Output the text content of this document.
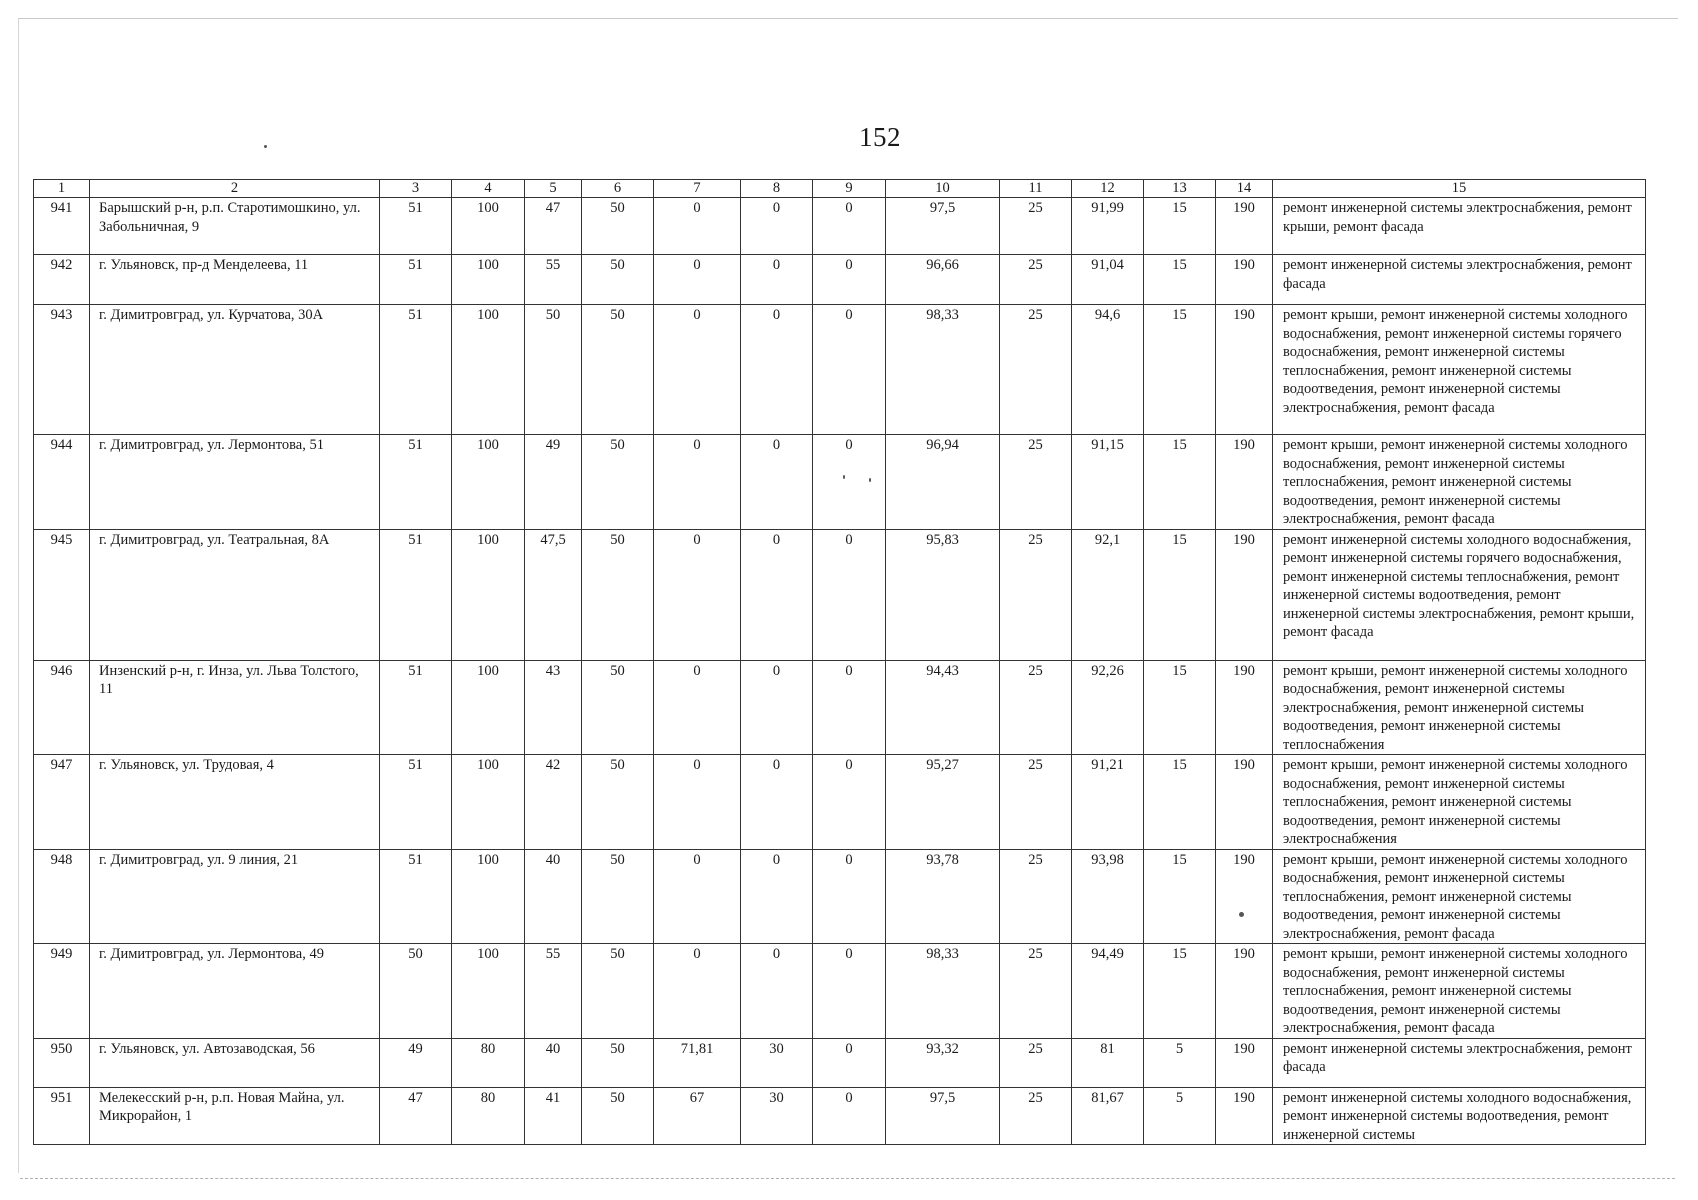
152
1	2	3	4	5	6	7	8	9	10	11	12	13	14	15
941	Барышский р-н, р.п. Старотимошкино, ул. Забольничная, 9	51	100	47	50	0	0	0	97,5	25	91,99	15	190	ремонт инженерной системы электроснабжения, ремонт крыши, ремонт фасада
942	г. Ульяновск, пр-д Менделеева, 11	51	100	55	50	0	0	0	96,66	25	91,04	15	190	ремонт инженерной системы электроснабжения, ремонт фасада
943	г. Димитровград, ул. Курчатова, 30А	51	100	50	50	0	0	0	98,33	25	94,6	15	190	ремонт крыши, ремонт инженерной системы холодного водоснабжения, ремонт инженерной системы горячего водоснабжения, ремонт инженерной системы теплоснабжения, ремонт инженерной системы водоотведения, ремонт инженерной системы электроснабжения, ремонт фасада
944	г. Димитровград, ул. Лермонтова, 51	51	100	49	50	0	0	0	96,94	25	91,15	15	190	ремонт крыши, ремонт инженерной системы холодного водоснабжения, ремонт инженерной системы теплоснабжения, ремонт инженерной системы водоотведения, ремонт инженерной системы электроснабжения, ремонт фасада
945	г. Димитровград, ул. Театральная, 8А	51	100	47,5	50	0	0	0	95,83	25	92,1	15	190	ремонт инженерной системы холодного водоснабжения, ремонт инженерной системы горячего водоснабжения, ремонт инженерной системы теплоснабжения, ремонт инженерной системы водоотведения, ремонт инженерной системы электроснабжения, ремонт крыши, ремонт фасада
946	Инзенский р-н, г. Инза, ул. Льва Толстого, 11	51	100	43	50	0	0	0	94,43	25	92,26	15	190	ремонт крыши, ремонт инженерной системы холодного водоснабжения, ремонт инженерной системы электроснабжения, ремонт инженерной системы водоотведения, ремонт инженерной системы теплоснабжения
947	г. Ульяновск, ул. Трудовая, 4	51	100	42	50	0	0	0	95,27	25	91,21	15	190	ремонт крыши, ремонт инженерной системы холодного водоснабжения, ремонт инженерной системы теплоснабжения, ремонт инженерной системы водоотведения, ремонт инженерной системы электроснабжения
948	г. Димитровград, ул. 9 линия, 21	51	100	40	50	0	0	0	93,78	25	93,98	15	190	ремонт крыши, ремонт инженерной системы холодного водоснабжения, ремонт инженерной системы теплоснабжения, ремонт инженерной системы водоотведения, ремонт инженерной системы электроснабжения, ремонт фасада
949	г. Димитровград, ул. Лермонтова, 49	50	100	55	50	0	0	0	98,33	25	94,49	15	190	ремонт крыши, ремонт инженерной системы холодного водоснабжения, ремонт инженерной системы теплоснабжения, ремонт инженерной системы водоотведения, ремонт инженерной системы электроснабжения, ремонт фасада
950	г. Ульяновск, ул. Автозаводская, 56	49	80	40	50	71,81	30	0	93,32	25	81	5	190	ремонт инженерной системы электроснабжения, ремонт фасада
951	Мелекесский р-н, р.п. Новая Майна, ул. Микрорайон, 1	47	80	41	50	67	30	0	97,5	25	81,67	5	190	ремонт инженерной системы холодного водоснабжения, ремонт инженерной системы водоотведения, ремонт инженерной системы
